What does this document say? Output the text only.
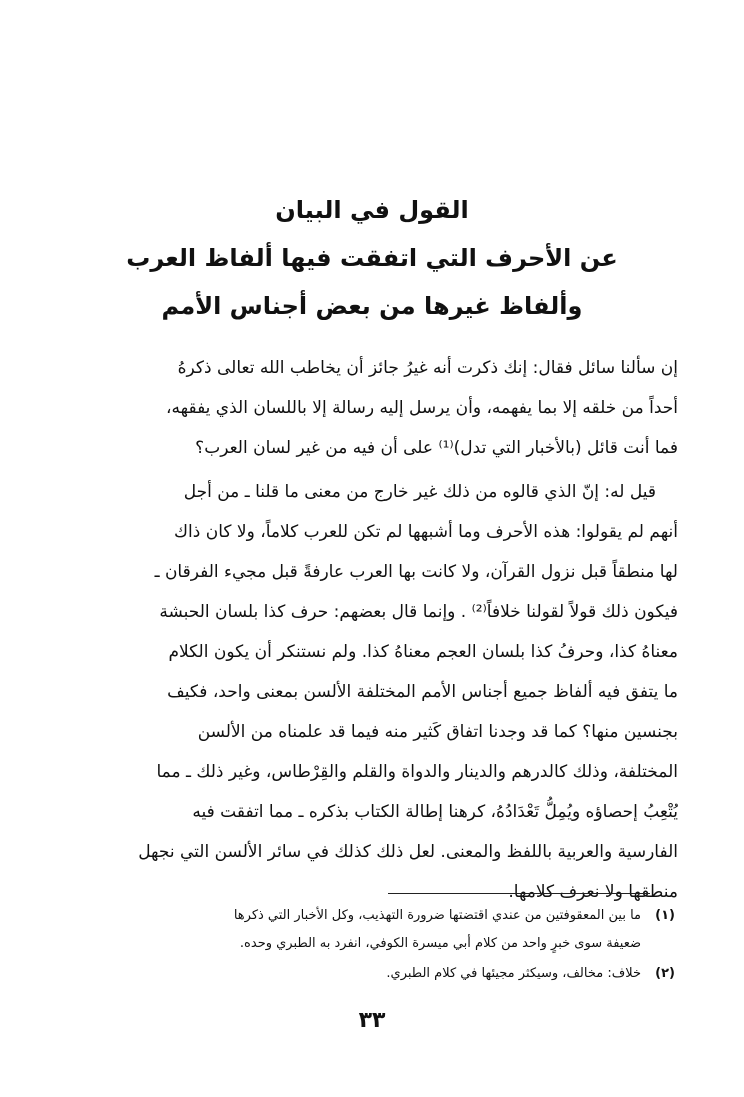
القول في البيان
عن الأحرف التي اتفقت فيها ألفاظ العرب
وألفاظ غيرها من بعض أجناس الأمم
إن سألنا سائل فقال: إنك ذكرت أنه غيرُ جائز أن يخاطب الله تعالى ذكرهُ
أحداً من خلقه إلا بما يفهمه، وأن يرسل إليه رسالة إلا باللسان الذي يفقهه،
فما أنت قائل (بالأخبار التي تدل)⁽¹⁾ على أن فيه من غير لسان العرب؟
قيل له: إنّ الذي قالوه من ذلك غير خارج من معنى ما قلنا ـ من أجل
أنهم لم يقولوا: هذه الأحرف وما أشبهها لم تكن للعرب كلاماً، ولا كان ذاك
لها منطقاً قبل نزول القرآن، ولا كانت بها العرب عارفةً قبل مجيء الفرقان ـ
فيكون ذلك قولاً لقولنا خلافاً⁽²⁾ . وإنما قال بعضهم: حرف كذا بلسان الحبشة
معناهُ كذا، وحرفُ كذا بلسان العجم معناهُ كذا. ولم نستنكر أن يكون الكلام
ما يتفق فيه ألفاظ جميع أجناس الأمم المختلفة الألسن بمعنى واحد، فكيف
بجنسين منها؟ كما قد وجدنا اتفاق كَثير منه فيما قد علمناه من الألسن
المختلفة، وذلك كالدرهم والدينار والدواة والقلم والقِرْطاس، وغير ذلك ـ مما
يُتْعِبُ إحصاؤه ويُمِلُّ تَعْدَادُهُ، كرهنا إطالة الكتاب بذكره ـ مما اتفقت فيه
الفارسية والعربية باللفظ والمعنى. لعل ذلك كذلك في سائر الألسن التي نجهل
منطقها ولا نعرف كلامها.
(١)
ما بين المعقوفتين من عندي اقتضتها ضرورة التهذيب، وكل الأخبار التي ذكرها
ضعيفة سوى خبرٍ واحد من كلام أبي ميسرة الكوفي، انفرد به الطبري وحده.
(٢)
خلاف: مخالف، وسيكثر مجيئها في كلام الطبري.
٣٣
